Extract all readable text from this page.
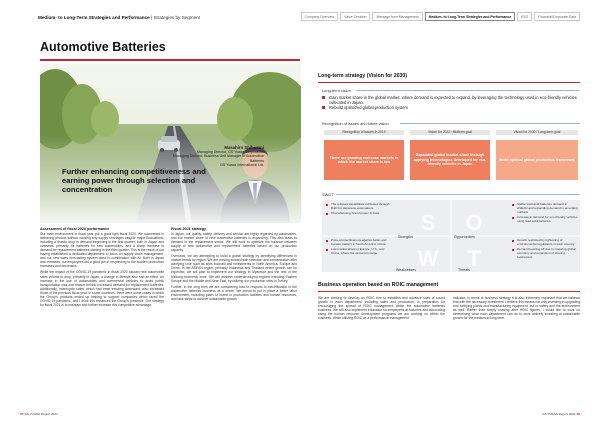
Medium- to Long-Term Strategies and Performance | Strategies by Segment	Company Overview	Value Creation	Message from Management	Medium- to Long-Term Strategies and Performance	ESG	Financial/Corporate Data
Automotive Batteries
Further enhancing competitiveness and earning power through selection and concentration
Masahiro Shibutani
Managing Director, GS Yuasa Corporation
Managing Director, Business Unit Manager of Automotive Batteries
GS Yuasa International Ltd.
Assessment of fiscal 2020 performance

Our main environment in fiscal year put a good light fiscal 2020. We succeeded in delivering product without causing any supply shortages despite major fluctuations, including a drastic drop in demand beginning in the first quarter, both in Japan and overseas, primarily for batteries for new automobiles, and a sharp increase in demand for replacement batteries starting in the third quarter. This is the result of our having established a dedicated department to focus on supply chain management, and our new sales forecasting system used in combination with AI. Both in Japan and overseas, our employees did a good job of responding to the sudden production increases and decreases.

While the impact of the COVID-19 pandemic in fiscal 2020 caused new automobile sales volume to drop, primarily in Japan, a change in lifestyle also had an effect. An increase in the use of automobiles and commercial vehicles to avoid public transportation was one reason behind increased demand for replacement batteries. Additionally, motorcycle sales, which had been trending downward, also exceeded those of the previous fiscal year. In some countries, there were some cases in which the Group's products ended up helping to support companies which faced the COVID-19 pandemic, and I think this enhanced the Group's presence. Our strategy for fiscal 2021 is to maintain and further increase this competitive advantage.

Fiscal 2021 strategy

In Japan, our quality, safety, delivery and service are highly regarded by automakers, and our market share of new automotive batteries is expanding. This also leads to demand in the replacement sector. We will work to optimize the balance between supply of new automotive and replacement batteries based on our production capacity.

Overseas, we are attempting to build a global strategy by identifying differences in market trends by region. We are moving forward with selection and concentration after clarifying core such as sites focused and investments in North America, Europe and China. In the ASEAN region, primarily Indonesia and Thailand where growth can be expected, we will plan to implement our strategy in Myanmar and the rest of the Mekong economic zone. We will address underdeveloped regions including Eastern Europe and the Middle and Near East, by utilizing our production sites in Turkey.

Further, in the long term we are considering how to respond to electrification in the automotive batteries business as a whole. We intend to put in place a better labor environment, including plans to invest in production facilities and human resources, and take steps to achieve sustainable growth.

Long-term strategy (Vision for 2030)
Long-term vision
Gain market share in the global market, where demand is expected to expand, by leveraging the technology used in eco-friendly vehicles cultivated in Japan.
Rebuild optimized global production system
Recognition of issues and future vision
Recognition of issues in 2019	Vision for 2022 / Midterm goal	Vision for 2030 / Long-term goal
There are growing overseas markets in which the market share is low
Expanded global market share through applying technologies developed for eco-friendly vehicles in Japan
Build optimal global production framework
SWOT
S O
W T
The reliques capabilities cultivated through R&D for Japanese automakers
Overwhelming brand power in Asia
Strengths	Opportunities
Stable lead-acid batteries demand in ASEAN and expanding demand in emerging markets
Increase in demand for eco-friendly vehicles using lead-acid batteries
Price competitiveness against Asian and Korean makers in North America, China
Low market share in Europe, U.S., and China, where the demand is large
Weaknesses	Threats
Growth restricted by tightening of environmental regulations in each country
Demand leveling off due to maturing global economy and expansion of sharing businesses
Business operation based on ROIC management
We are working to develop an ROIC tree to establish and advance uses of sound growth in each department, including sales and production, in preparation for encouraging the spread of ROIC management within the automotive batteries business. We will also implement education for employees at factories and accounting using the human resource development programs we are working on within the business. While utilizing ROIC as a performance management
indicator, in terms of business strategy it is also extremely important that we balance that with the necessary investment. I believe this means not only investing in upgrading and fortifying plants and manufacturing equipment, but in safety and the environment as well. Rather than simply chasing after ROIC figures, I would like to work on determining what each department can do to work actively investing in sustainable growth for the medium to long term.
37 GS YUASA Report 2021	GS YUASA Report 2021 38
